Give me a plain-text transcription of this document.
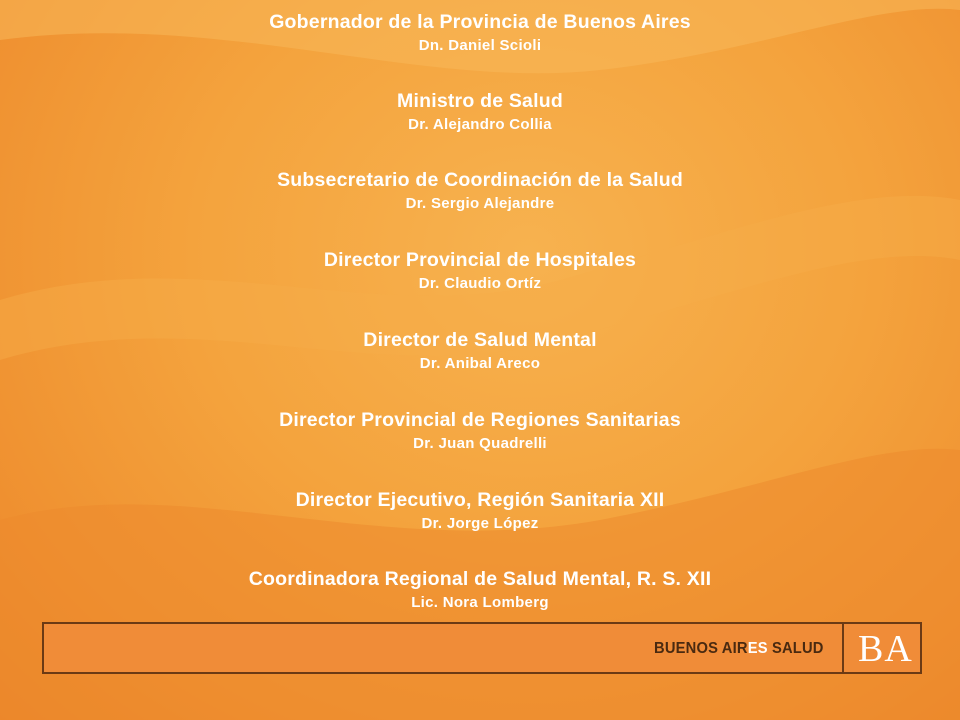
Gobernador de la Provincia de Buenos Aires

Dn. Daniel Scioli

Ministro de Salud

Dr. Alejandro Collia

Subsecretario de Coordinación de la Salud

Dr. Sergio Alejandre

Director Provincial de Hospitales

Dr. Claudio Ortíz

Director de Salud Mental

Dr. Anibal Areco

Director Provincial de Regiones Sanitarias

Dr. Juan Quadrelli

Director Ejecutivo, Región Sanitaria XII

Dr. Jorge López

Coordinadora Regional de Salud Mental, R. S. XII

Lic. Nora Lomberg

BUENOS AIRES SALUD BA
